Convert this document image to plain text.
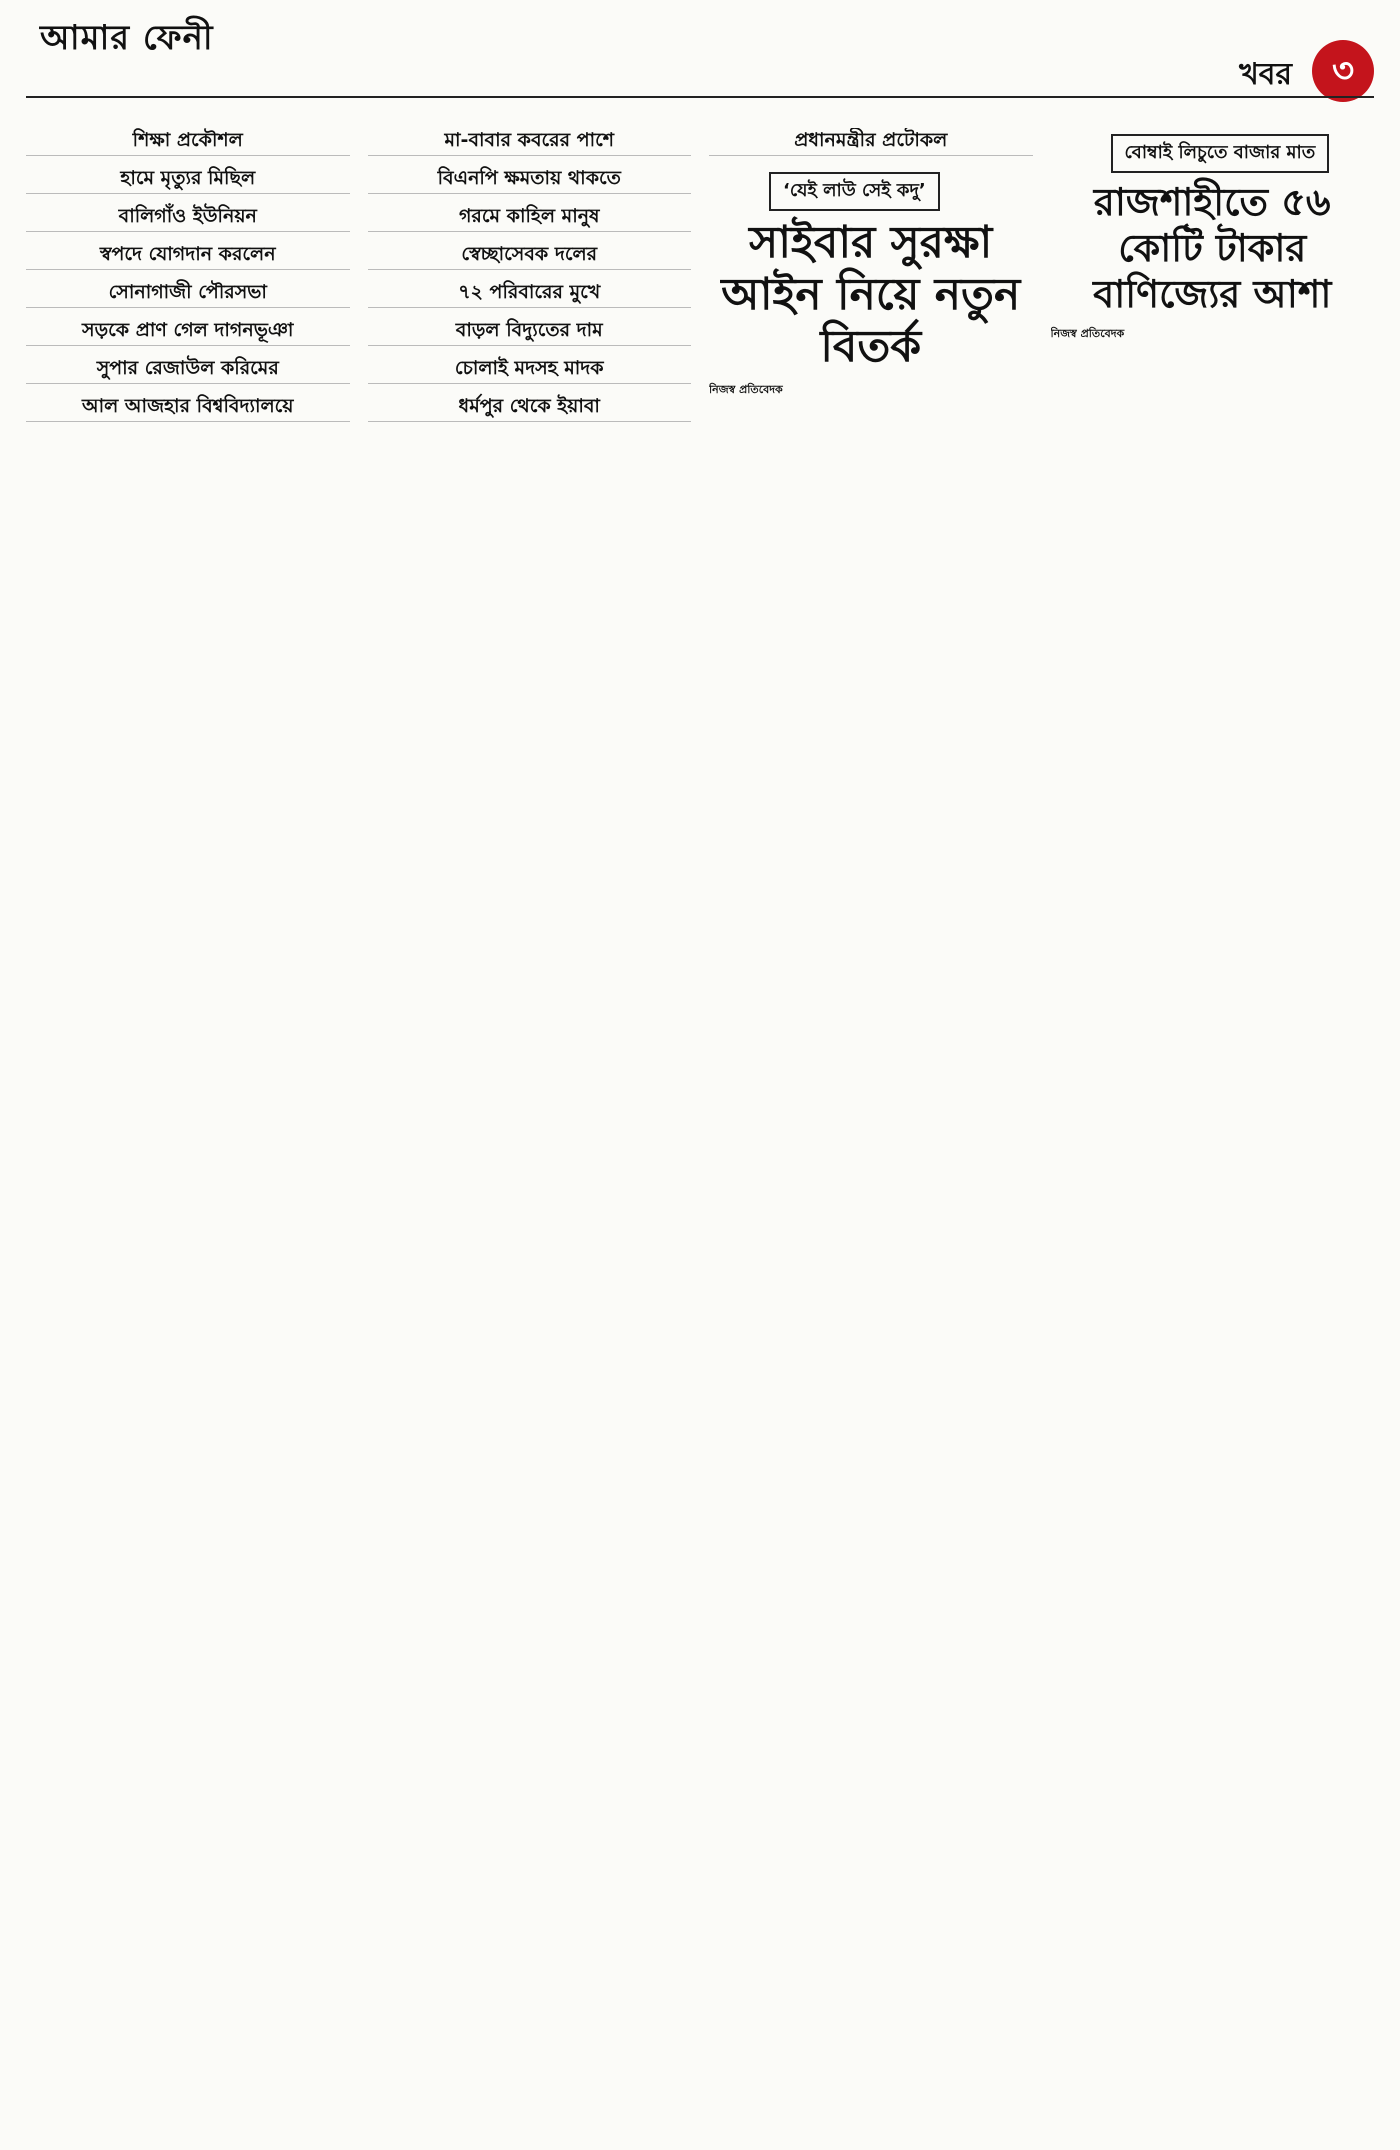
আমার ফেনী
খবর	৩
শিক্ষা প্রকৌশল

হামে মৃত্যুর মিছিল

বালিগাঁও ইউনিয়ন

স্বপদে যোগদান করলেন

সোনাগাজী পৌরসভা

সড়কে প্রাণ গেল দাগনভূঞা

সুপার রেজাউল করিমের

আল আজহার বিশ্ববিদ্যালয়ে

মা-বাবার কবরের পাশে

বিএনপি ক্ষমতায় থাকতে

গরমে কাহিল মানুষ

স্বেচ্ছাসেবক দলের

৭২ পরিবারের মুখে

বাড়ল বিদ্যুতের দাম

চোলাই মদসহ মাদক

ধর্মপুর থেকে ইয়াবা

প্রধানমন্ত্রীর প্রটোকল

‘যেই লাউ সেই কদু’
সাইবার সুরক্ষা আইন নিয়ে নতুন বিতর্ক
নিজস্ব প্রতিবেদক

বোম্বাই লিচুতে বাজার মাত
রাজশাহীতে ৫৬ কোটি টাকার বাণিজ্যের আশা
নিজস্ব প্রতিবেদক
